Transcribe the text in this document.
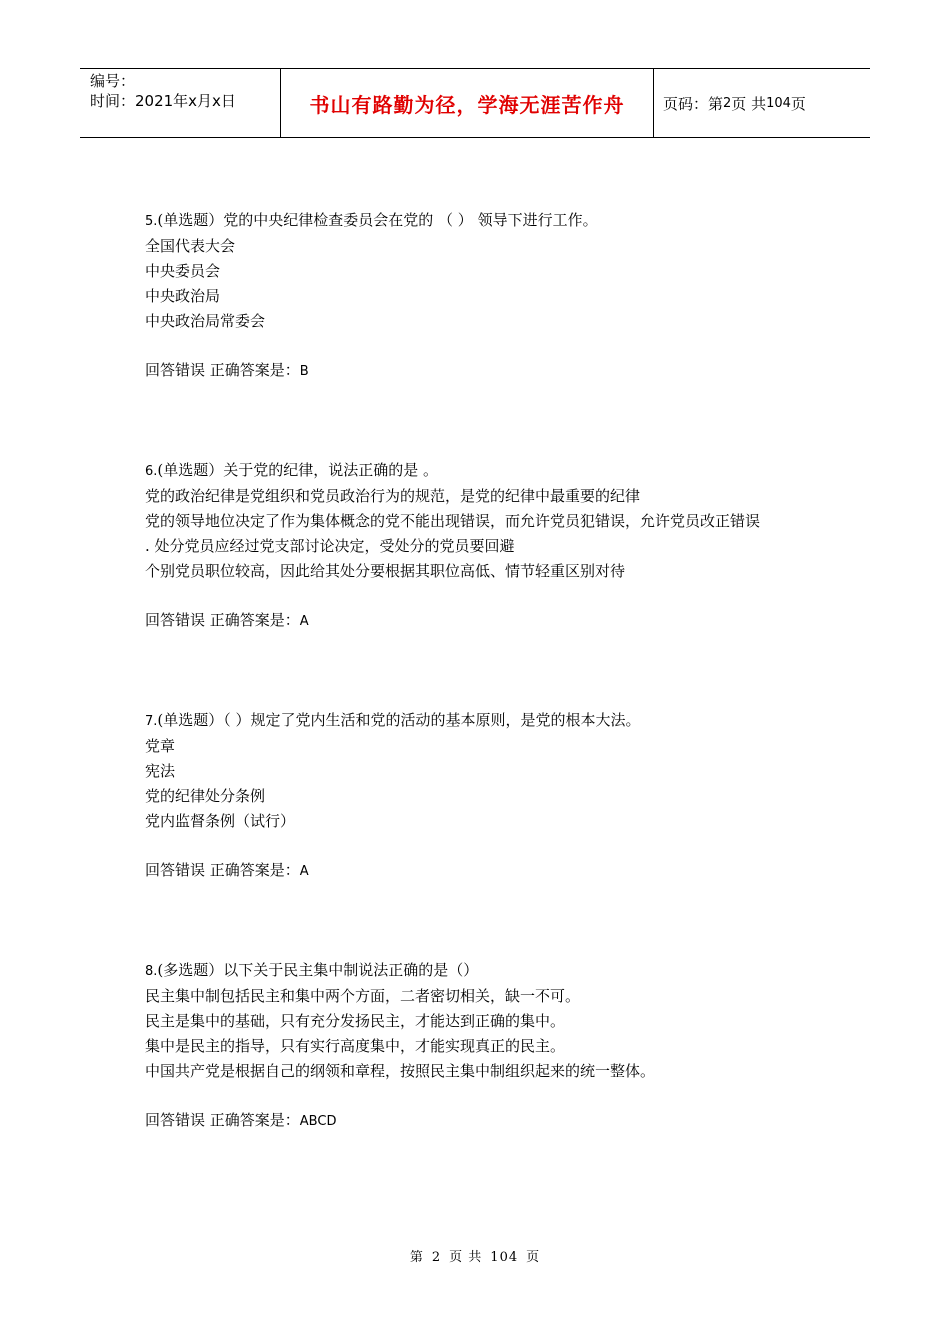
编号：
时间：2021年x月x日	书山有路勤为径，学海无涯苦作舟	页码：第 2 页 共 104 页
5.(单选题）党的中央纪律检查委员会在党的 （ ） 领导下进行工作。
全国代表大会
中央委员会
中央政治局
中央政治局常委会
回答错误 正确答案是：B
6.(单选题）关于党的纪律，说法正确的是 。
党的政治纪律是党组织和党员政治行为的规范，是党的纪律中最重要的纪律
党的领导地位决定了作为集体概念的党不能出现错误，而允许党员犯错误，允许党员改正错误
. 处分党员应经过党支部讨论决定，受处分的党员要回避
个别党员职位较高，因此给其处分要根据其职位高低、情节轻重区别对待
回答错误 正确答案是：A
7.(单选题）（ ）规定了党内生活和党的活动的基本原则，是党的根本大法。
党章
宪法
党的纪律处分条例
党内监督条例（试行）
回答错误 正确答案是：A
8.(多选题）以下关于民主集中制说法正确的是（）
民主集中制包括民主和集中两个方面，二者密切相关，缺一不可。
民主是集中的基础，只有充分发扬民主，才能达到正确的集中。
集中是民主的指导，只有实行高度集中，才能实现真正的民主。
中国共产党是根据自己的纲领和章程，按照民主集中制组织起来的统一整体。
回答错误 正确答案是：ABCD
第 2 页 共 104 页
